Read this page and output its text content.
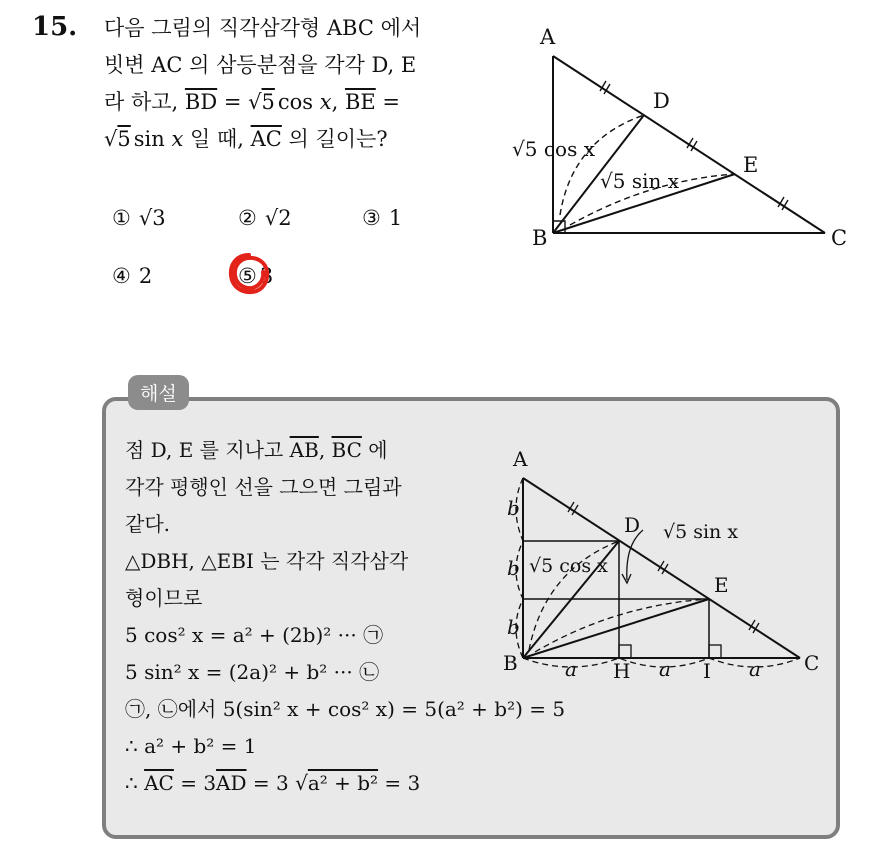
15. 다음 그림의 직각삼각형 ABC 에서
빗변 AC 의 삼등분점을 각각 D, E
라 하고, $\overline{BD} = √5$ cos x, $\overline{BE}$ =
√5 sin x 일 때, $\overline{AC}$ 의 길이는?
① √3	② √2	③ 1
④ 2	⑤ 3
A
B	C
D
E
√5 cos x
√5 sin x
해설
점 D, E 를 지나고 $\overline{AB}$, $\overline{BC}$ 에
각각 평행인 선을 그으면 그림과
같다.
△DBH, △EBI 는 각각 직각삼각
형이므로
5 cos² x = a² + (2b)² ··· ㉠
5 sin² x = (2a)² + b² ··· ㉡
㉠, ㉡에서 5(sin² x + cos² x) = 5(a² + b²) = 5
∴ a² + b² = 1
∴ $\overline{AC} = 3\overline{AD} = 3$ √a² + b² = 3
A
B	C
D
E
H	I
b
b
b
a	a	a
√5 cos x
√5 sin x
